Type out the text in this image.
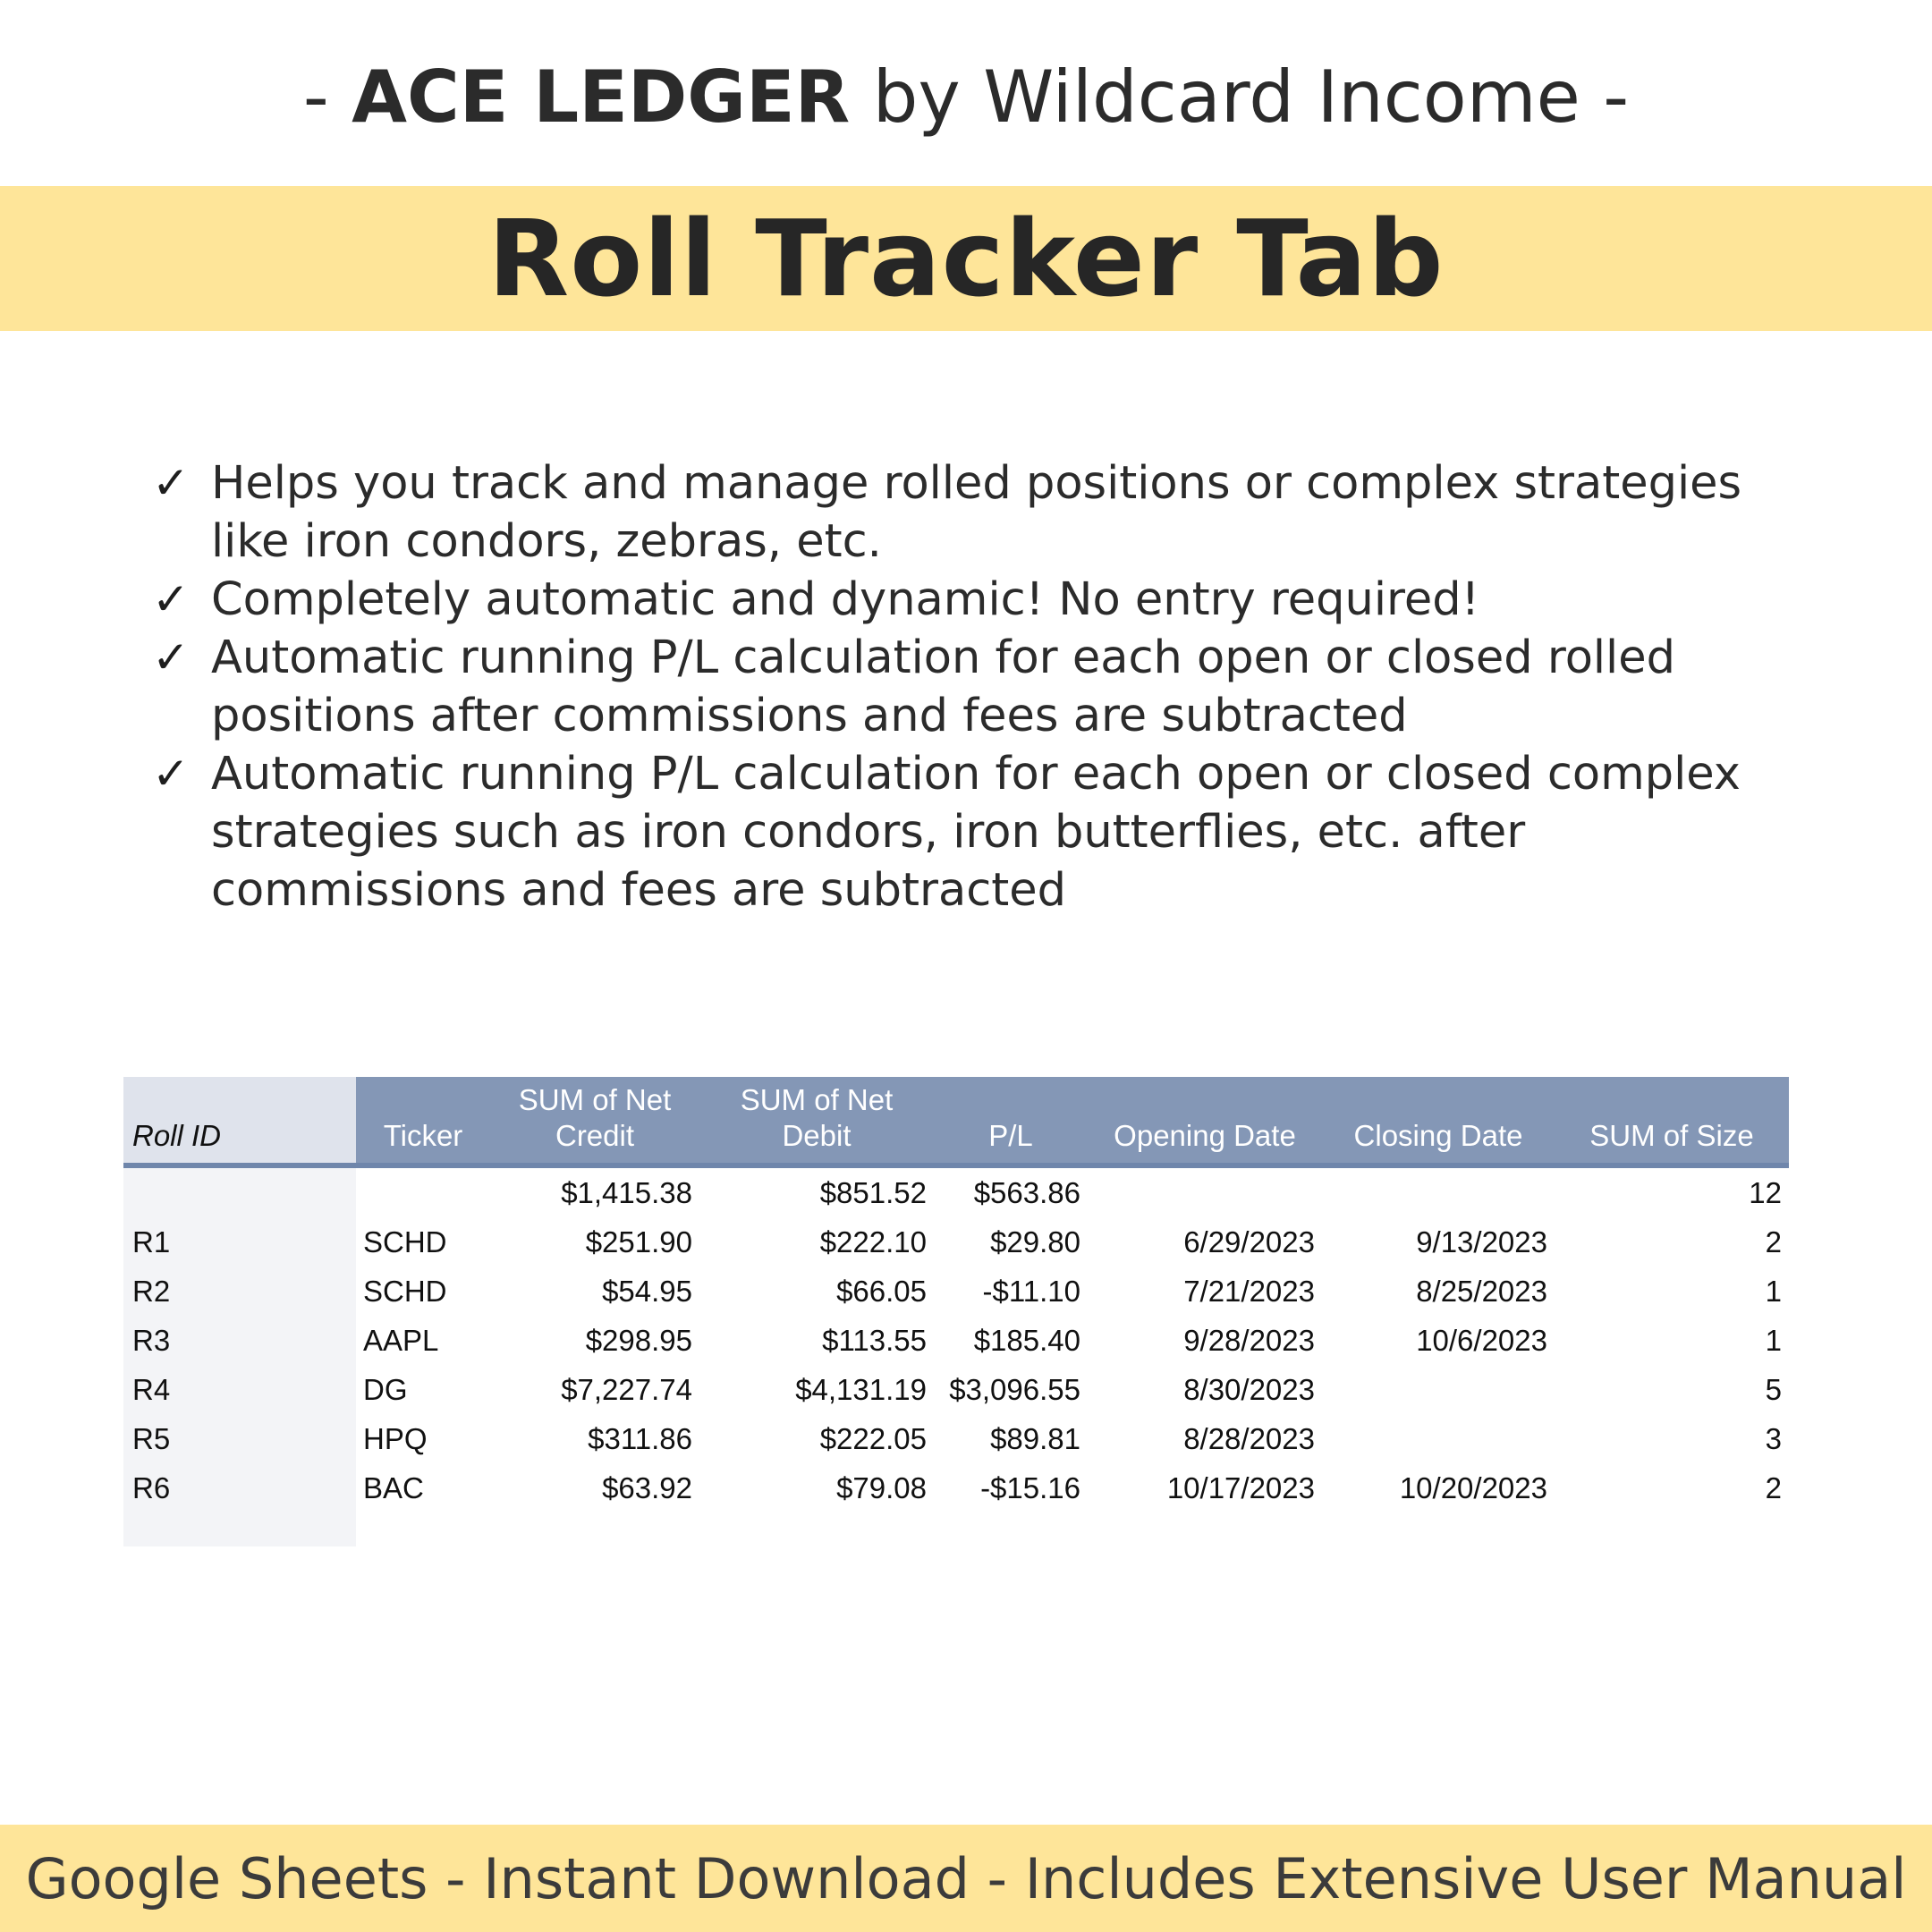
- ACE LEDGER by Wildcard Income -
Roll Tracker Tab
✓ Helps you track and manage rolled positions or complex strategies like iron condors, zebras, etc.
✓ Completely automatic and dynamic! No entry required!
✓ Automatic running P/L calculation for each open or closed rolled positions after commissions and fees are subtracted
✓ Automatic running P/L calculation for each open or closed complex strategies such as iron condors, iron butterflies, etc. after commissions and fees are subtracted
Roll ID	Ticker	SUM of Net Credit	SUM of Net Debit	P/L	Opening Date	Closing Date	SUM of Size
		$1,415.38	$851.52	$563.86			12
R1	SCHD	$251.90	$222.10	$29.80	6/29/2023	9/13/2023	2
R2	SCHD	$54.95	$66.05	-$11.10	7/21/2023	8/25/2023	1
R3	AAPL	$298.95	$113.55	$185.40	9/28/2023	10/6/2023	1
R4	DG	$7,227.74	$4,131.19	$3,096.55	8/30/2023		5
R5	HPQ	$311.86	$222.05	$89.81	8/28/2023		3
R6	BAC	$63.92	$79.08	-$15.16	10/17/2023	10/20/2023	2

Google Sheets - Instant Download - Includes Extensive User Manual
